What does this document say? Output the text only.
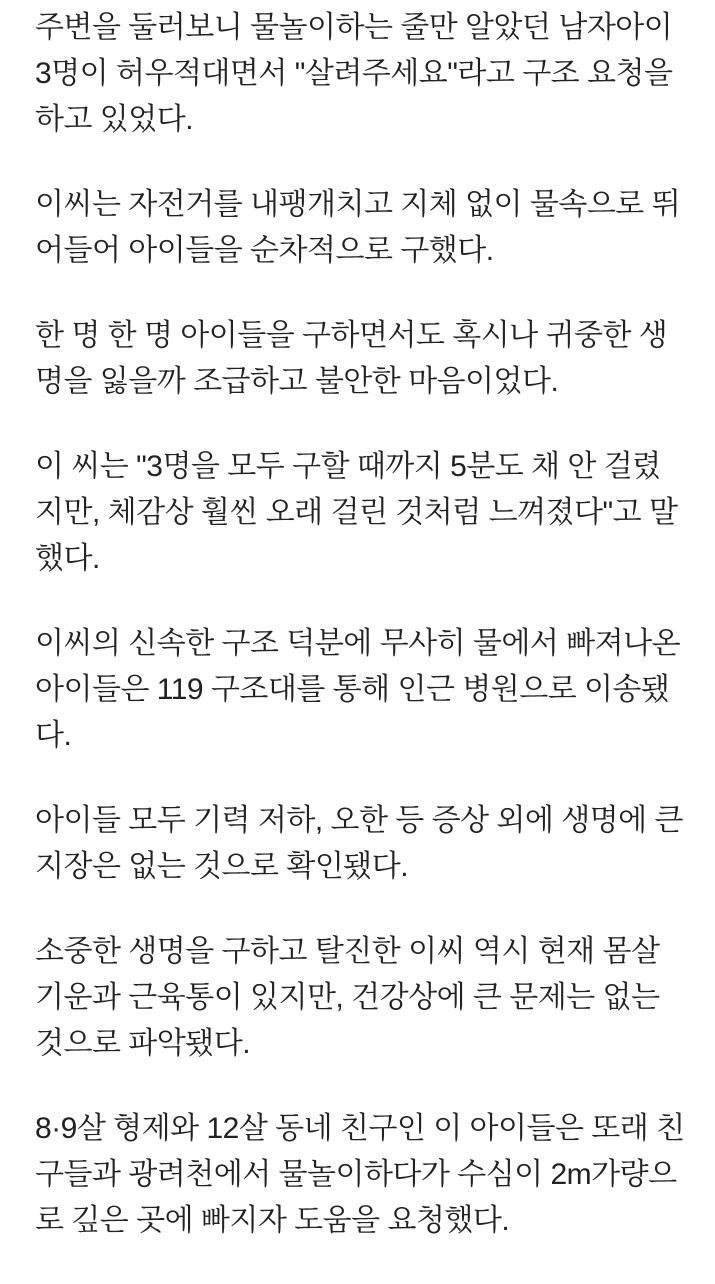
주변을 둘러보니 물놀이하는 줄만 알았던 남자아이 3명이 허우적대면서 "살려주세요"라고 구조 요청을 하고 있었다.

이씨는 자전거를 내팽개치고 지체 없이 물속으로 뛰어들어 아이들을 순차적으로 구했다.

한 명 한 명 아이들을 구하면서도 혹시나 귀중한 생명을 잃을까 조급하고 불안한 마음이었다.

이 씨는 "3명을 모두 구할 때까지 5분도 채 안 걸렸지만, 체감상 훨씬 오래 걸린 것처럼 느껴졌다"고 말했다.

이씨의 신속한 구조 덕분에 무사히 물에서 빠져나온 아이들은 119 구조대를 통해 인근 병원으로 이송됐다.

아이들 모두 기력 저하, 오한 등 증상 외에 생명에 큰 지장은 없는 것으로 확인됐다.

소중한 생명을 구하고 탈진한 이씨 역시 현재 몸살 기운과 근육통이 있지만, 건강상에 큰 문제는 없는 것으로 파악됐다.

8·9살 형제와 12살 동네 친구인 이 아이들은 또래 친구들과 광려천에서 물놀이하다가 수심이 2m가량으로 깊은 곳에 빠지자 도움을 요청했다.
